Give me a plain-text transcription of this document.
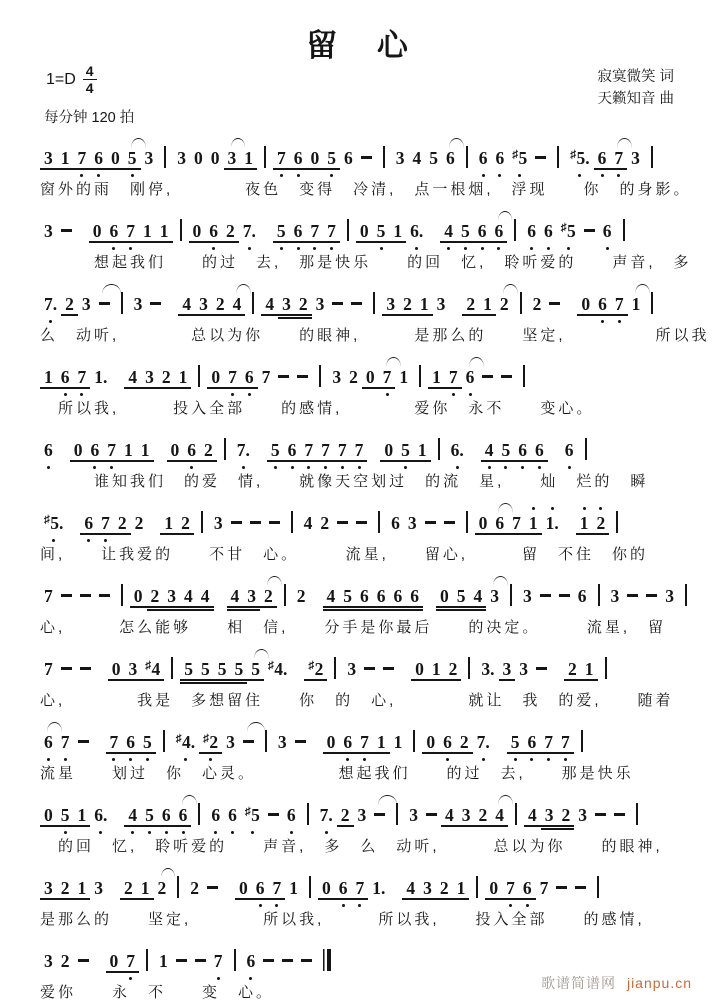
留 心
$1=D \frac{4}{4}$
每分钟 120 拍
寂寞微笑 词
天籁知音 曲
3 1 7 6 0 5 3 3 0 0 3 1 7 6 0 5 6 3 4 5 6 6 6 ♯5	♯5. 6 7 3
窗外的雨　刚停,　　　　夜色　变得　冷清,　点一根烟,　浮现　　你　的身影。
3 0 6 7 1 1 0 6 2 7. 5 6 7 7 0 5 1 6. 4 5 6 6 6 6 ♯5 6
　　　想起我们　　的过　去,　那是快乐　　的回　忆,　聆听爱的　　声音,　多
7. 2 3 3 4 3 2 4 4 3 2 3	3 2 1 3 2 1 2 2 0 6 7 1
么　动听,　　　　总以为你　　的眼神,　　　是那么的　　坚定,　　　　　所以我
1 6 7 1. 4 3 2 1 0 7 6 7	3 2 0 7 1 1 7 6
　所以我,　　　投入全部　　的感情,　　　　爱你　永不　　变心。
6 0 6 7 1 1 0 6 2 7. 5 6 7 7 7 7 0 5 1 6. 4 5 6 6 6
　　　谁知我们　的爱　情,　　就像天空划过　的流　星,　　灿　烂的　瞬
♯5. 6 7 2 2 1 2 3	4 2	6 3	0 6 7 1 1. 1 2
间,　　让我爱的　　不甘　心。　　　流星,　　留心,　　　留　不住　你的
7	0 2 3 4 4 4 3 2 2 4 5 6 6 6 6 0 5 4 3 3	6 3	3
心,　　　怎么能够　　相　信,　　分手是你最后　　的决定。　　　流星,　留
7	0 3 ♯4 5 5 5 5 5 ♯4. ♯2 3	0 1 2 3. 3 3 2 1
心,　　　　我是　多想留住　　你　的　心,　　　　就让　我　的爱,　　随着
6 7 7 6 5 ♯4. ♯2 3 3 0 6 7 1 1 0 6 2 7. 5 6 7 7
流星　　划过　你　心灵。　　　　　想起我们　　的过　去,　　那是快乐
0 5 1 6. 4 5 6 6 6 6 ♯5 6 7. 2 3 3 4 3 2 4 4 3 2 3
　的回　忆,　聆听爱的　　声音,　多　么　动听,　　　总以为你　　的眼神,
3 2 1 3 2 1 2 2 0 6 7 1 0 6 7 1. 4 3 2 1 0 7 6 7
是那么的　　坚定,　　　　所以我,　　　所以我,　　投入全部　　的感情,
3 2 0 7 1	7 6
爱你　　永　不　　变　心。
歌谱简谱网 jianpu.cn
